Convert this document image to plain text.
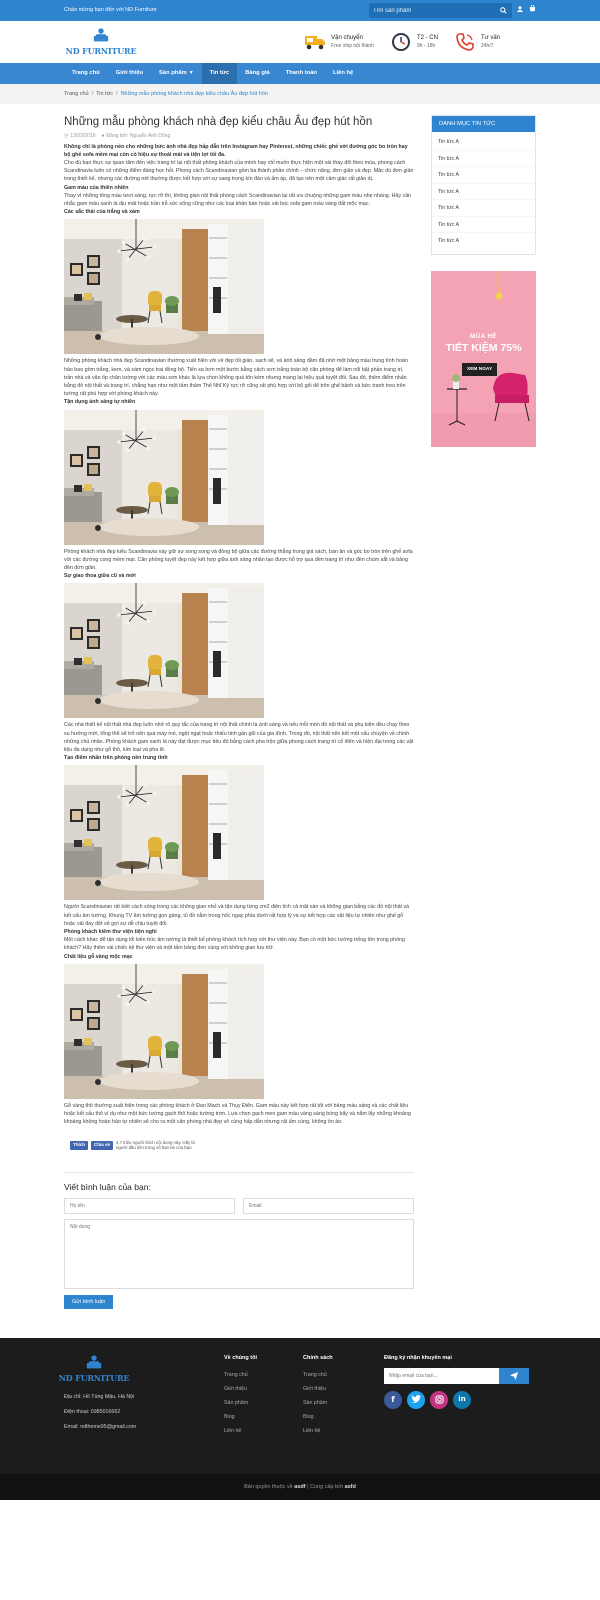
Chào mừng bạn đến với ND Furniture
Tìm sản phẩm
ND FURNITURE
Vận chuyển
Free ship nội thành
T2 - CN
9h - 18h
Tư vấn
24h/7
Trang chủ	Giới thiệu	Sản phẩm ▼	Tin tức	Bảng giá	Thanh toán	Liên hệ
Trang chủ / Tin tức / Những mẫu phòng khách nhà đẹp kiểu châu Âu đẹp hút hồn
Những mẫu phòng khách nhà đẹp kiểu châu Âu đẹp hút hồn
◷ 13/02/2019 ● Đăng bởi: Nguyễn Anh Dũng

Không chỉ là phòng nền cho những bức ảnh nhà đẹp hấp dẫn trên Instagram hay Pinterest, những chiếc ghế với đường góc bo tròn hay bộ ghế sofa mềm mại còn có hiệu sự thoải mái và tiện lợi tối đa.

Cho dù bạn thực sự quan tâm đến việc trang trí lại nội thất phòng khách của mình hay chỉ muốn thực hiện một vài thay đổi theo mùa, phong cách Scandinavia luôn có những điểm đáng học hỏi. Phong cách Scandinavian gồm ba thành phần chính – chức năng, đơn giản và đẹp. Mặc dù đơn giản trong thiết kế, nhưng các đường nét thường được kết hợp với sự sang trọng kín đáo và ấm áp, đã tạo nên một cảm giác rất giản dị.

Gam màu của thiên nhiên

Thay vì những tông màu tươi sáng, rực rỡ thì, không gian nội thất phòng cách Scandinavian lại rất ưa chuộng những gam màu nhẹ nhàng. Hãy cân nhắc gam màu xanh lá dịu mát hoặc trần trễ sức sống cũng như các loại khăn bàn hoặc vải bọc sofa gam màu vàng đất mộc mạc.

Các sắc thái của trắng và xám

Những phòng khách nhà đẹp Scandinavian thường xuất hiện với vẻ đẹp tối giản, sạch sẽ, và ánh sáng đầm đã nhờ một bảng màu trung tính hoàn hảo bao gồm trắng, kem, và xám ngọc trai đồng bộ. Tiến xa hơn một bước bằng cách sơn trắng toàn bộ căn phòng để làm nổi bật phần trang trí, trần nhà và vân ốp chân tường với các màu sơn khác là lựa chọn không quá tốn kém nhưng mang lại hiệu quả tuyệt đối. Sau đó, thêm điểm nhấn bằng đồ nội thất và trang trí, chẳng hạn như một tấm thảm Thổ Nhĩ Kỳ rực rỡ cũng rất phù hợp với bộ gối để trên ghế bành và bức tranh treo trên tường rất phù hợp với phòng khách này.

Tận dụng ánh sáng tự nhiên

Phòng khách nhà đẹp kiểu Scandinavia này giữ sự song song và đồng bộ giữa các đường thẳng trong giá sách, bàn ăn và góc bo tròn trên ghế sofa với các đường cong mềm mại. Căn phòng tuyệt đẹp này kết hợp giữa ánh sáng nhân tạo được hỗ trợ qua đèn trang trí như đèn chùm sắt và bảng đèn đơn giản.

Sự giao thoa giữa cũ và mới

Các nhà thiết kế nội thất nhà đẹp luôn nhớ rõ quy tắc của trang trí nội thất chính là ánh sáng và nếu mỗi món đồ nội thất và phụ kiện đều chạy theo xu hướng mới, tổng thể sẽ trở nên quá máy mó, ngột ngạt hoặc thiếu tinh gần gũi của gia đình. Trong đó, nội thất nên kết một cấu chuyện về chính những chủ nhân. Phòng khách gam xanh lá này đạt được mục tiêu đó bằng cách pha trộn giữa phong cách trang trí cổ điển và hiện đại trong các vật liệu đa dạng như gỗ thô, kim loại và pha lê.

Tạo điểm nhấn trên phòng nền trung tính

Người Scandinavian rất biết cách sống trong các không gian nhỏ và tận dụng từng cm2 diện tích cả mặt sàn và không gian bằng các đồ nội thất và kết cấu âm tường. Khung TV âm tường gọn gàng, tủ đồ nằm trong hốc ngay phía dưới rất hợp lý và sự kết hợp các vật liệu tự nhiên như ghế gỗ hoặc vải đay dệt sẽ gợi sự dễ chịu tuyệt đối.

Phòng khách kiêm thư viện tiện nghi

Một cách khác để tận dụng lối kiến trúc âm tường là thiết kế phòng khách tích hợp với thư viện này. Bạn có một bức tường trống lớn trong phòng khách? Hãy thêm vài chiếc kệ thư viện và một tấm bảng đen cùng với không gian lưu trữ.

Chất liệu gỗ vàng mộc mạc

Gỗ vàng thô thường xuất hiện trong các phòng khách ở Đan Mạch và Thụy Điển. Gam màu này kết hợp rất tốt với bảng màu sáng và các chất liệu hoặc kết cấu thô ví dụ như một bức tường gạch thô hoặc tường trơn. Lựa chọn gạch men gam màu vàng sáng bóng bẩy và nắm lấy những khoảng khoảng không hoàn hảo tự nhiên sẽ cho ra một căn phòng nhà đẹp vô cùng hấp dẫn nhưng rất ấm cúng, không ồn ào.

Thích	Chia sẻ	4,7 triệu người thích nội dung này. Hãy là người đầu tiên trong số bạn bè của bạn.
Viết bình luận của bạn:
Họ tên
Email
Nội dung Gửi bình luận
DANH MỤC TIN TỨC
Tin tức A
Tin tức A
Tin tức A
Tin tức A
Tin tức A
Tin tức A
Tin tức A
MÙA HÈ
TIẾT KIỆM 75%
XEM NGAY
ND FURNITURE
Địa chỉ: Hồ Tùng Mậu, Hà Nội
Điện thoại: 0985016662
Email: ndtheme95@gmail.com
Về chúng tôi
Trang chủ
Giới thiệu
Sản phẩm
Blog
Liên hệ
Chính sách
Trang chủ
Giới thiệu
Sản phẩm
Blog
Liên hệ
Đăng ký nhận khuyến mại
Nhập email của bạn...
f	in
Bản quyền thuộc về asdf | Cung cấp bởi asfd
